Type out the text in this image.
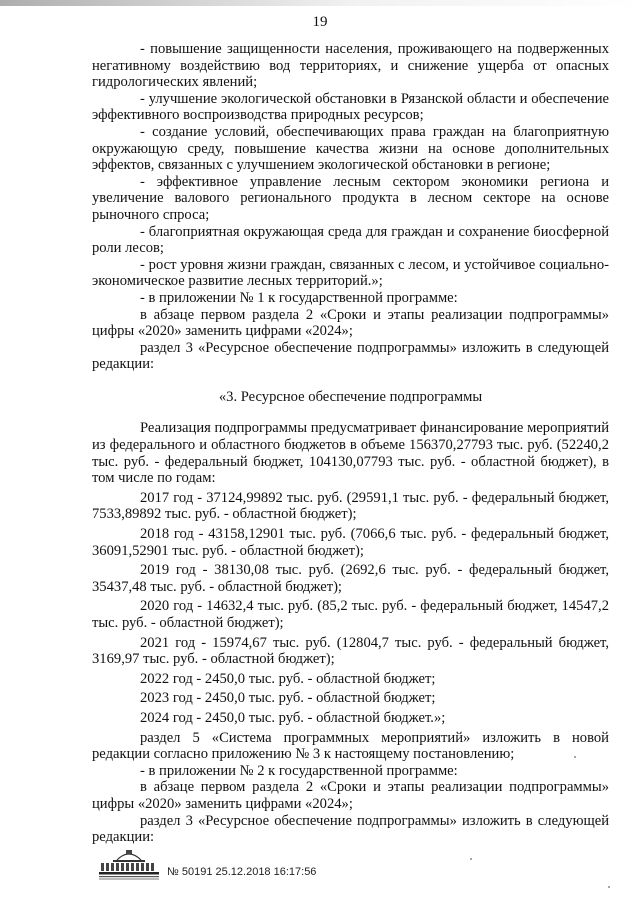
19

- повышение защищенности населения, проживающего на подверженных негативному воздействию вод территориях, и снижение ущерба от опасных гидрологических явлений;

- улучшение экологической обстановки в Рязанской области и обеспечение эффективного воспроизводства природных ресурсов;

- создание условий, обеспечивающих права граждан на благоприятную окружающую среду, повышение качества жизни на основе дополнительных эффектов, связанных с улучшением экологической обстановки в регионе;

- эффективное управление лесным сектором экономики региона и увеличение валового регионального продукта в лесном секторе на основе рыночного спроса;

- благоприятная окружающая среда для граждан и сохранение биосферной роли лесов;

- рост уровня жизни граждан, связанных с лесом, и устойчивое социально-экономическое развитие лесных территорий.»;

- в приложении № 1 к государственной программе:

в абзаце первом раздела 2 «Сроки и этапы реализации подпрограммы» цифры «2020» заменить цифрами «2024»;

раздел 3 «Ресурсное обеспечение подпрограммы» изложить в следующей редакции:

«3. Ресурсное обеспечение подпрограммы

Реализация подпрограммы предусматривает финансирование мероприятий из федерального и областного бюджетов в объеме 156370,27793 тыс. руб. (52240,2 тыс. руб. - федеральный бюджет, 104130,07793 тыс. руб. - областной бюджет), в том числе по годам:

2017 год - 37124,99892 тыс. руб. (29591,1 тыс. руб. - федеральный бюджет, 7533,89892 тыс. руб. - областной бюджет);

2018 год - 43158,12901 тыс. руб. (7066,6 тыс. руб. - федеральный бюджет, 36091,52901 тыс. руб. - областной бюджет);

2019 год - 38130,08 тыс. руб. (2692,6 тыс. руб. - федеральный бюджет, 35437,48 тыс. руб. - областной бюджет);

2020 год - 14632,4 тыс. руб. (85,2 тыс. руб. - федеральный бюджет, 14547,2 тыс. руб. - областной бюджет);

2021 год - 15974,67 тыс. руб. (12804,7 тыс. руб. - федеральный бюджет, 3169,97 тыс. руб. - областной бюджет);

2022 год - 2450,0 тыс. руб. - областной бюджет;

2023 год - 2450,0 тыс. руб. - областной бюджет;

2024 год - 2450,0 тыс. руб. - областной бюджет.»;

раздел 5 «Система программных мероприятий» изложить в новой редакции согласно приложению № 3 к настоящему постановлению;

- в приложении № 2 к государственной программе:

в абзаце первом раздела 2 «Сроки и этапы реализации подпрограммы» цифры «2020» заменить цифрами «2024»;

раздел 3 «Ресурсное обеспечение подпрограммы» изложить в следующей редакции:

№ 50191 25.12.2018 16:17:56
